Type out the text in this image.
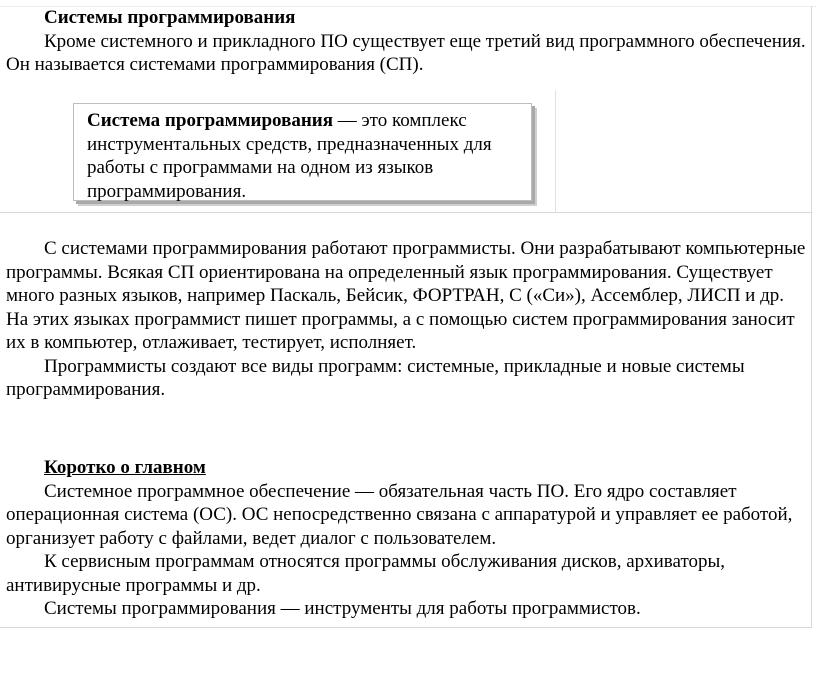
Системы программирования

Кроме системного и прикладного ПО существует еще третий вид программного обеспечения. Он называется системами программирования (СП).

Система программирования — это комплекс инструментальных средств, предназначенных для работы с программами на одном из языков программирования.

С системами программирования работают программисты. Они разрабатывают компьютерные программы. Всякая СП ориентирована на определенный язык программирования. Существует много разных языков, например Паскаль, Бейсик, ФОРТРАН, С («Си»), Ассемблер, ЛИСП и др. На этих языках программист пишет программы, а с помощью систем программирования заносит их в компьютер, отлаживает, тестирует, исполняет.

Программисты создают все виды программ: системные, прикладные и новые системы программирования.

Коротко о главном

Системное программное обеспечение — обязательная часть ПО. Его ядро составляет операционная система (ОС). ОС непосредственно связана с аппаратурой и управляет ее работой, организует работу с файлами, ведет диалог с пользователем.

К сервисным программам относятся программы обслуживания дисков, архиваторы, антивирусные программы и др.

Системы программирования — инструменты для работы программистов.
